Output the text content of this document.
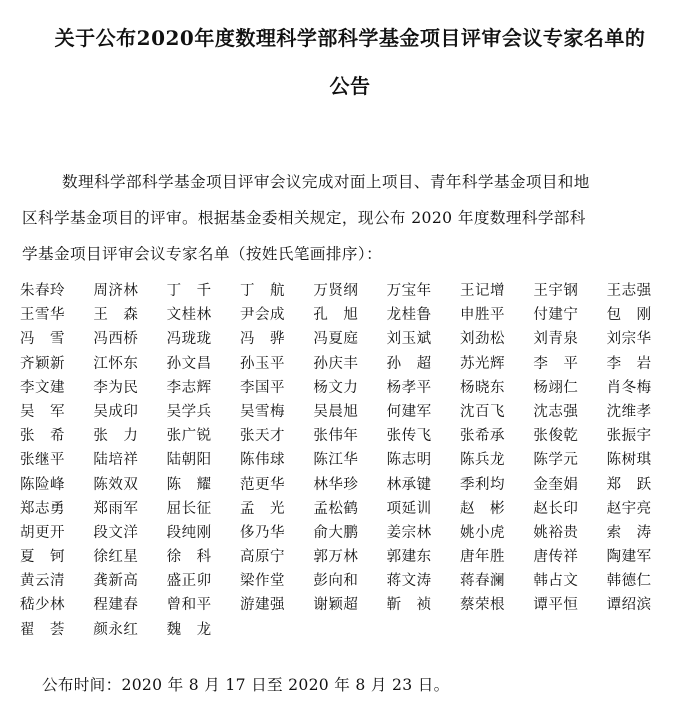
关于公布2020年度数理科学部科学基金项目评审会议专家名单的
公告
数理科学部科学基金项目评审会议完成对面上项目、青年科学基金项目和地
区科学基金项目的评审。根据基金委相关规定，现公布 2020 年度数理科学部科
学基金项目评审会议专家名单（按姓氏笔画排序）：
朱春玲	周济林	丁　千	丁　航	万贤纲	万宝年	王记增	王宇钢	王志强
王雪华	王　森	文桂林	尹会成	孔　旭	龙桂鲁	申胜平	付建宁	包　刚
冯　雪	冯西桥	冯珑珑	冯　骅	冯夏庭	刘玉斌	刘劲松	刘青泉	刘宗华
齐颖新	江怀东	孙文昌	孙玉平	孙庆丰	孙　超	苏光辉	李　平	李　岩
李文建	李为民	李志辉	李国平	杨文力	杨孝平	杨晓东	杨翊仁	肖冬梅
吴　军	吴成印	吴学兵	吴雪梅	吴晨旭	何建军	沈百飞	沈志强	沈维孝
张　希	张　力	张广锐	张天才	张伟年	张传飞	张希承	张俊乾	张振宇
张继平	陆培祥	陆朝阳	陈伟球	陈江华	陈志明	陈兵龙	陈学元	陈树琪
陈险峰	陈效双	陈　耀	范更华	林华珍	林承键	季利均	金奎娟	郑　跃
郑志勇	郑雨军	屈长征	孟　光	孟松鹤	项延训	赵　彬	赵长印	赵宇亮
胡更开	段文洋	段纯刚	侈乃华	俞大鹏	姜宗林	姚小虎	姚裕贵	索　涛
夏　钶	徐红星	徐　科	高原宁	郭万林	郭建东	唐年胜	唐传祥	陶建军
黄云清	龚新高	盛正卯	梁作堂	彭向和	蒋文涛	蒋春澜	韩占文	韩德仁
嵇少林	程建春	曾和平	游建强	谢颖超	靳　祯	蔡荣根	谭平恒	谭绍滨
翟　荟	颜永红	魏　龙
公布时间：2020 年 8 月 17 日至 2020 年 8 月 23 日。
